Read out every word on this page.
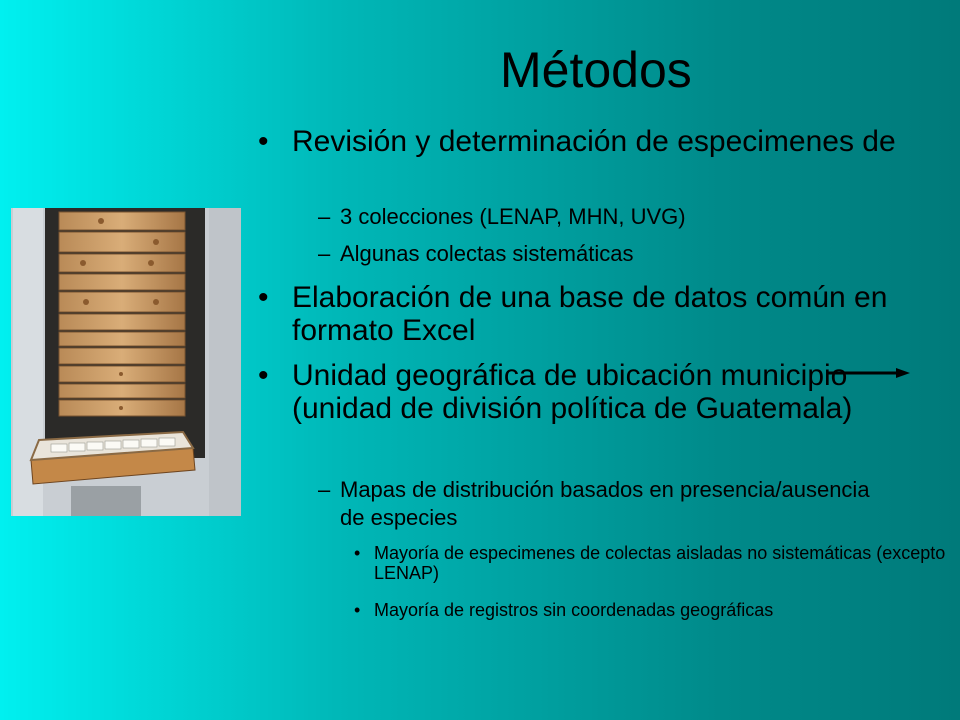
Métodos
• Revisión y determinación de especimenes de
– 3 colecciones (LENAP, MHN, UVG)
– Algunas colectas sistemáticas
• Elaboración de una base de datos común en formato Excel
• Unidad geográfica de ubicación municipio (unidad de división política de Guatemala)
– Mapas de distribución basados en presencia/ausencia de especies
• Mayoría de especimenes de colectas aisladas no sistemáticas (excepto LENAP)
• Mayoría de registros sin coordenadas geográficas
